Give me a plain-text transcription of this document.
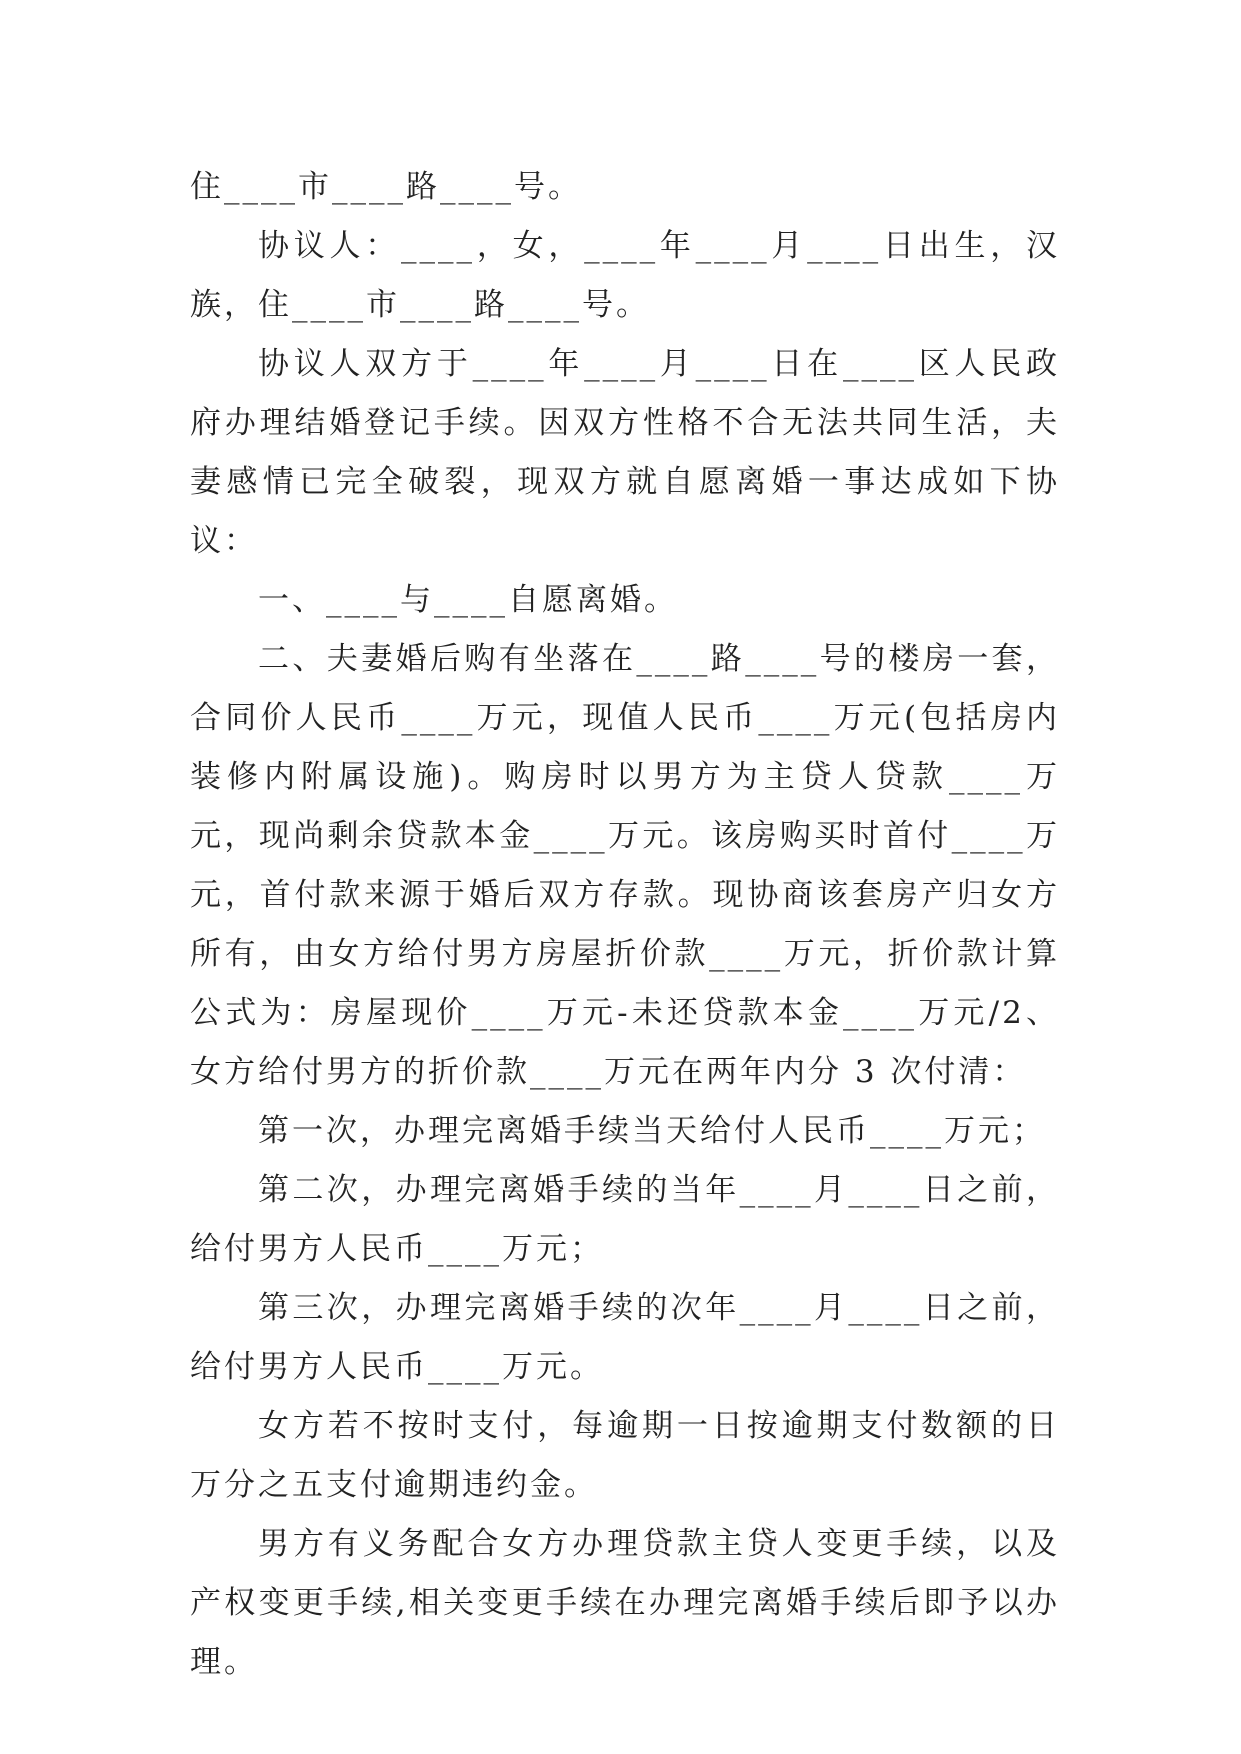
住____市____路____号。

协议人：____，女，____年____月____日出生，汉族，住____市____路____号。

协议人双方于____年____月____日在____区人民政府办理结婚登记手续。因双方性格不合无法共同生活，夫妻感情已完全破裂，现双方就自愿离婚一事达成如下协议：

一、____与____自愿离婚。

二、夫妻婚后购有坐落在____路____号的楼房一套，合同价人民币____万元，现值人民币____万元(包括房内装修内附属设施)。购房时以男方为主贷人贷款____万元，现尚剩余贷款本金____万元。该房购买时首付____万元，首付款来源于婚后双方存款。现协商该套房产归女方所有，由女方给付男方房屋折价款____万元，折价款计算公式为：房屋现价____万元-未还贷款本金____万元/2、女方给付男方的折价款____万元在两年内分 3 次付清：

第一次，办理完离婚手续当天给付人民币____万元；

第二次，办理完离婚手续的当年____月____日之前，给付男方人民币____万元；

第三次，办理完离婚手续的次年____月____日之前，给付男方人民币____万元。

女方若不按时支付，每逾期一日按逾期支付数额的日万分之五支付逾期违约金。

男方有义务配合女方办理贷款主贷人变更手续，以及产权变更手续,相关变更手续在办理完离婚手续后即予以办理。
